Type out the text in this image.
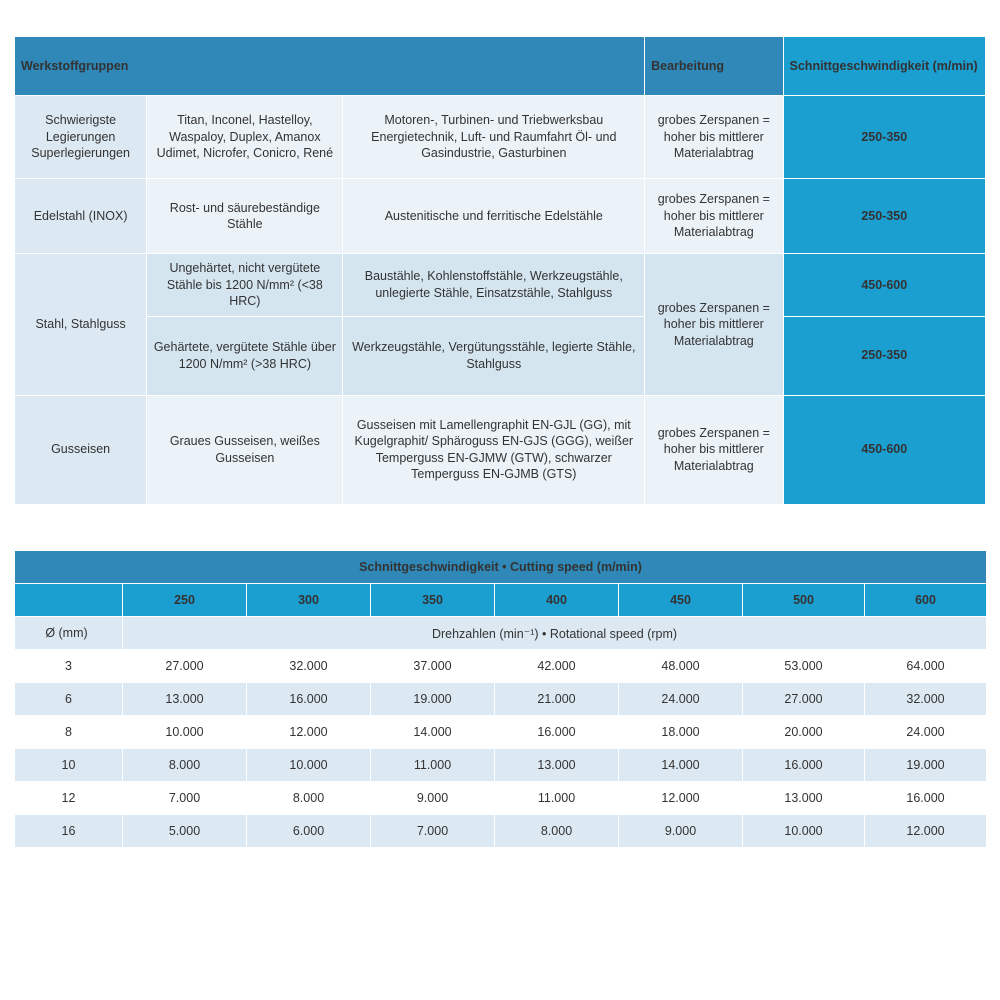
Werkstoffgruppen			Bearbeitung	Schnittgeschwindigkeit (m/min)
Schwierigste Legierungen Superlegierungen	Titan, Inconel, Hastelloy, Waspaloy, Duplex, Amanox Udimet, Nicrofer, Conicro, René	Motoren-, Turbinen- und Triebwerksbau Energietechnik, Luft- und Raumfahrt Öl- und Gasindustrie, Gasturbinen	grobes Zerspanen = hoher bis mittlerer Materialabtrag	250-350
Edelstahl (INOX)	Rost- und säurebeständige Stähle	Austenitische und ferritische Edelstähle	grobes Zerspanen = hoher bis mittlerer Materialabtrag	250-350
Stahl, Stahlguss	Ungehärtet, nicht vergütete Stähle bis 1200 N/mm² (<38 HRC)	Baustähle, Kohlenstoffstähle, Werkzeugstähle, unlegierte Stähle, Einsatzstähle, Stahlguss	grobes Zerspanen = hoher bis mittlerer Materialabtrag	450-600
	Gehärtete, vergütete Stähle über 1200 N/mm² (>38 HRC)	Werkzeugstähle, Vergütungsstähle, legierte Stähle, Stahlguss		250-350
Gusseisen	Graues Gusseisen, weißes Gusseisen	Gusseisen mit Lamellengraphit EN-GJL (GG), mit Kugelgraphit/ Sphäroguss EN-GJS (GGG), weißer Temperguss EN-GJMW (GTW), schwarzer Temperguss EN-GJMB (GTS)	grobes Zerspanen = hoher bis mittlerer Materialabtrag	450-600
Schnittgeschwindigkeit • Cutting speed (m/min)							
	250	300	350	400	450	500	600
Ø (mm)	Drehzahlen (min⁻¹) • Rotational speed (rpm)						
3	27.000	32.000	37.000	42.000	48.000	53.000	64.000
6	13.000	16.000	19.000	21.000	24.000	27.000	32.000
8	10.000	12.000	14.000	16.000	18.000	20.000	24.000
10	8.000	10.000	11.000	13.000	14.000	16.000	19.000
12	7.000	8.000	9.000	11.000	12.000	13.000	16.000
16	5.000	6.000	7.000	8.000	9.000	10.000	12.000
